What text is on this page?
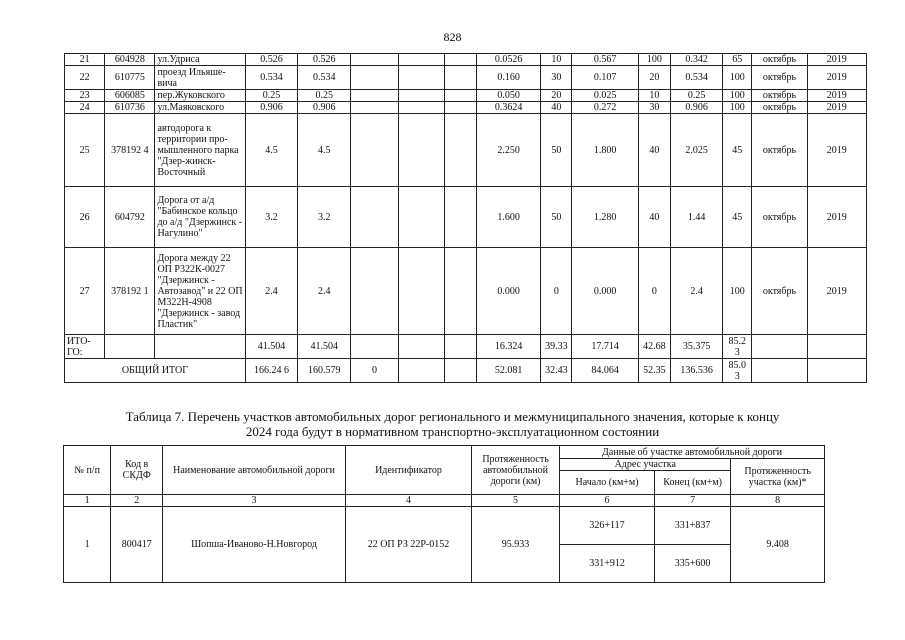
828
21	604928	ул.Удриса	0.526	0.526				0.0526	10	0.567	100	0.342	65	октябрь	2019
22	610775	проезд Ильяше-вича	0.534	0.534				0.160	30	0.107	20	0.534	100	октябрь	2019
23	606085	пер.Жуковского	0.25	0.25				0.050	20	0.025	10	0.25	100	октябрь	2019
24	610736	ул.Маяковского	0.906	0.906				0.3624	40	0.272	30	0.906	100	октябрь	2019
25	378192 4	автодорога к территории про-мышленного парка "Дзер-жинск-Восточный	4.5	4.5				2.250	50	1.800	40	2.025	45	октябрь	2019
26	604792	Дорога от а/д "Бабинское кольцо до а/д "Дзержинск - Нагулино"	3.2	3.2				1.600	50	1.280	40	1.44	45	октябрь	2019
27	378192 1	Дорога между 22 ОП Р322К-0027 "Дзержинск - Автозавод" и 22 ОП М322Н-4908 "Дзержинск - завод Пластик"	2.4	2.4				0.000	0	0.000	0	2.4	100	октябрь	2019
ИТО-ГО:			41.504	41.504				16.324	39.33	17.714	42.68	35.375	85.2 3		
ОБЩИЙ ИТОГ			166.24 6	160.579	0			52.081	32.43	84.064	52.35	136.536	85.0 3		
Таблица 7. Перечень участков автомобильных дорог регионального и межмуниципального значения, которые к концу
2024 года будут в нормативном транспортно-эксплуатационном состоянии
№ п/п	Код в СКДФ	Наименование автомобильной дороги	Идентификатор	Протяженность автомобильной дороги (км)	Данные об участке автомобильной дороги		
					Адрес участка		Протяженность участка (км)*
					Начало (км+м)	Конец (км+м)	
1	2	3	4	5	6	7	8
1	800417	Шопша-Иваново-Н.Новгород	22 ОП РЗ 22Р-0152	95.933	326+117	331+837	9.408
					331+912	335+600	
